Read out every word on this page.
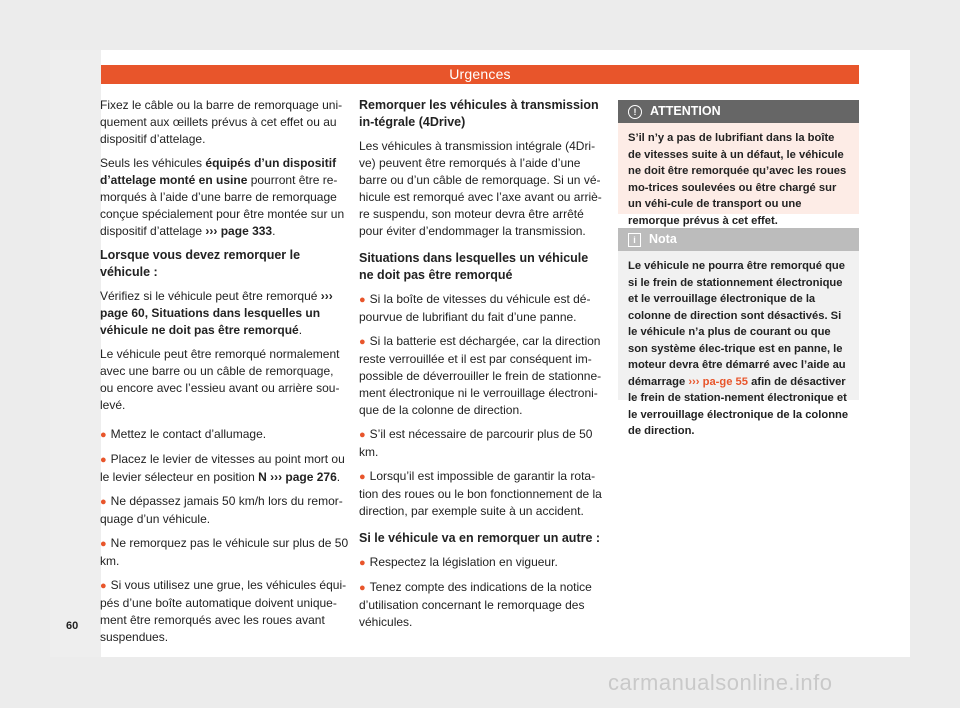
Urgences

Fixez le câble ou la barre de remorquage uni-quement aux œillets prévus à cet effet ou au dispositif d’attelage.

Seuls les véhicules équipés d’un dispositif d’attelage monté en usine pourront être re-morqués à l’aide d’une barre de remorquage conçue spécialement pour être montée sur un dispositif d’attelage ››› page 333.

Lorsque vous devez remorquer le véhicule :

Vérifiez si le véhicule peut être remorqué ››› page 60, Situations dans lesquelles un véhicule ne doit pas être remorqué.

Le véhicule peut être remorqué normalement avec une barre ou un câble de remorquage, ou encore avec l’essieu avant ou arrière sou-levé.

● Mettez le contact d’allumage.

● Placez le levier de vitesses au point mort ou le levier sélecteur en position N ››› page 276.

● Ne dépassez jamais 50 km/h lors du remor-quage d’un véhicule.

● Ne remorquez pas le véhicule sur plus de 50 km.

● Si vous utilisez une grue, les véhicules équi-pés d’une boîte automatique doivent unique-ment être remorqués avec les roues avant suspendues.

Remorquer les véhicules à transmission in-tégrale (4Drive)

Les véhicules à transmission intégrale (4Dri-ve) peuvent être remorqués à l’aide d’une barre ou d’un câble de remorquage. Si un vé-hicule est remorqué avec l’axe avant ou arriè-re suspendu, son moteur devra être arrêté pour éviter d’endommager la transmission.

Situations dans lesquelles un véhicule ne doit pas être remorqué

● Si la boîte de vitesses du véhicule est dé-pourvue de lubrifiant du fait d’une panne.

● Si la batterie est déchargée, car la direction reste verrouillée et il est par conséquent im-possible de déverrouiller le frein de stationne-ment électronique ni le verrouillage électroni-que de la colonne de direction.

● S’il est nécessaire de parcourir plus de 50 km.

● Lorsqu’il est impossible de garantir la rota-tion des roues ou le bon fonctionnement de la direction, par exemple suite à un accident.

Si le véhicule va en remorquer un autre :

● Respectez la législation en vigueur.

● Tenez compte des indications de la notice d’utilisation concernant le remorquage des véhicules.

! ATTENTION
S’il n’y a pas de lubrifiant dans la boîte de vitesses suite à un défaut, le véhicule ne doit être remorquée qu’avec les roues mo-trices soulevées ou être chargé sur un véhi-cule de transport ou une remorque prévus à cet effet.
i Nota
Le véhicule ne pourra être remorqué que si le frein de stationnement électronique et le verrouillage électronique de la colonne de direction sont désactivés. Si le véhicule n’a plus de courant ou que son système élec-trique est en panne, le moteur devra être démarré avec l’aide au démarrage ››› pa-ge 55 afin de désactiver le frein de station-nement électronique et le verrouillage électronique de la colonne de direction.
60
carmanualsonline.info
